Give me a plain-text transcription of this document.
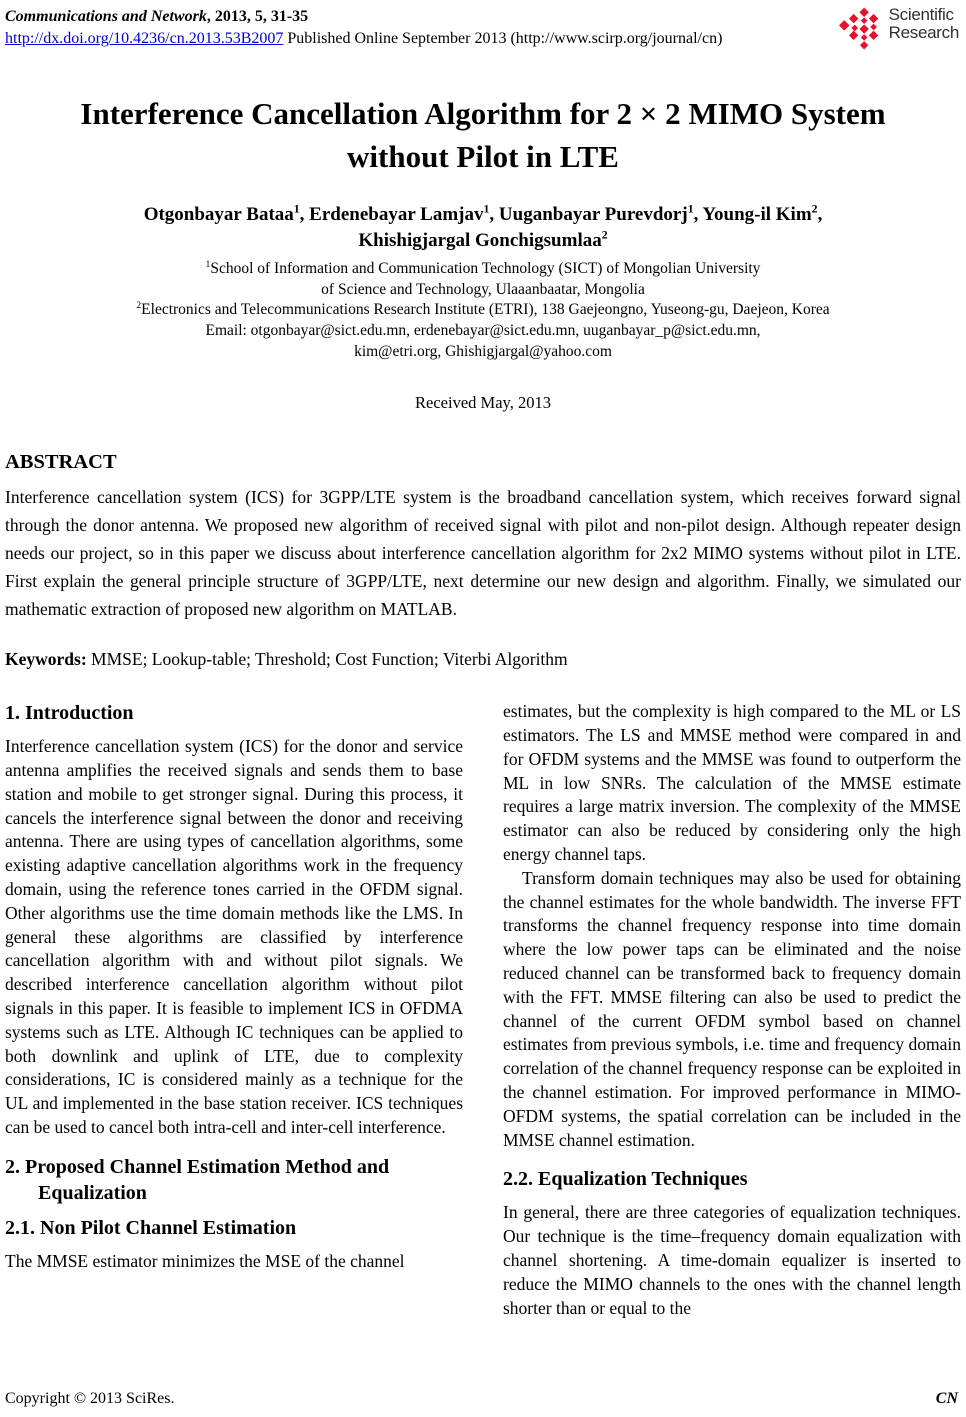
Communications and Network, 2013, 5, 31-35
http://dx.doi.org/10.4236/cn.2013.53B2007 Published Online September 2013 (http://www.scirp.org/journal/cn)
Scientific
Research
Interference Cancellation Algorithm for 2 × 2 MIMO System without Pilot in LTE
Otgonbayar Bataa$^1$, Erdenebayar Lamjav$^1$, Uuganbayar Purevdorj$^1$, Young-il Kim$^2$,
Khishigjargal Gonchigsumlaa$^2$
$^1$School of Information and Communication Technology (SICT) of Mongolian University
of Science and Technology, Ulaaanbaatar, Mongolia
$^2$Electronics and Telecommunications Research Institute (ETRI), 138 Gaejeongno, Yuseong-gu, Daejeon, Korea
Email: otgonbayar@sict.edu.mn, erdenebayar@sict.edu.mn, uuganbayar_p@sict.edu.mn,
kim@etri.org, Ghishigjargal@yahoo.com
Received May, 2013
ABSTRACT

Interference cancellation system (ICS) for 3GPP/LTE system is the broadband cancellation system, which receives forward signal through the donor antenna. We proposed new algorithm of received signal with pilot and non-pilot design. Although repeater design needs our project, so in this paper we discuss about interference cancellation algorithm for 2x2 MIMO systems without pilot in LTE. First explain the general principle structure of 3GPP/LTE, next determine our new design and algorithm. Finally, we simulated our mathematic extraction of proposed new algorithm on MATLAB.

Keywords: MMSE; Lookup-table; Threshold; Cost Function; Viterbi Algorithm
1. Introduction

Interference cancellation system (ICS) for the donor and service antenna amplifies the received signals and sends them to base station and mobile to get stronger signal. During this process, it cancels the interference signal between the donor and receiving antenna. There are using types of cancellation algorithms, some existing adaptive cancellation algorithms work in the frequency domain, using the reference tones carried in the OFDM signal. Other algorithms use the time domain methods like the LMS. In general these algorithms are classified by interference cancellation algorithm with and without pilot signals. We described interference cancellation algorithm without pilot signals in this paper. It is feasible to implement ICS in OFDMA systems such as LTE. Although IC techniques can be applied to both downlink and uplink of LTE, due to complexity considerations, IC is considered mainly as a technique for the UL and implemented in the base station receiver. ICS techniques can be used to cancel both intra-cell and inter-cell interference.

2. Proposed Channel Estimation Method and Equalization
2.1. Non Pilot Channel Estimation

The MMSE estimator minimizes the MSE of the channel

estimates, but the complexity is high compared to the ML or LS estimators. The LS and MMSE method were compared in and for OFDM systems and the MMSE was found to outperform the ML in low SNRs. The calculation of the MMSE estimate requires a large matrix inversion. The complexity of the MMSE estimator can also be reduced by considering only the high energy channel taps.

Transform domain techniques may also be used for obtaining the channel estimates for the whole bandwidth. The inverse FFT transforms the channel frequency response into time domain where the low power taps can be eliminated and the noise reduced channel can be transformed back to frequency domain with the FFT. MMSE filtering can also be used to predict the channel of the current OFDM symbol based on channel estimates from previous symbols, i.e. time and frequency domain correlation of the channel frequency response can be exploited in the channel estimation. For improved performance in MIMO-OFDM systems, the spatial correlation can be included in the MMSE channel estimation.

2.2. Equalization Techniques

In general, there are three categories of equalization techniques. Our technique is the time–frequency domain equalization with channel shortening. A time-domain equalizer is inserted to reduce the MIMO channels to the ones with the channel length shorter than or equal to the

Copyright © 2013 SciRes.	CN
